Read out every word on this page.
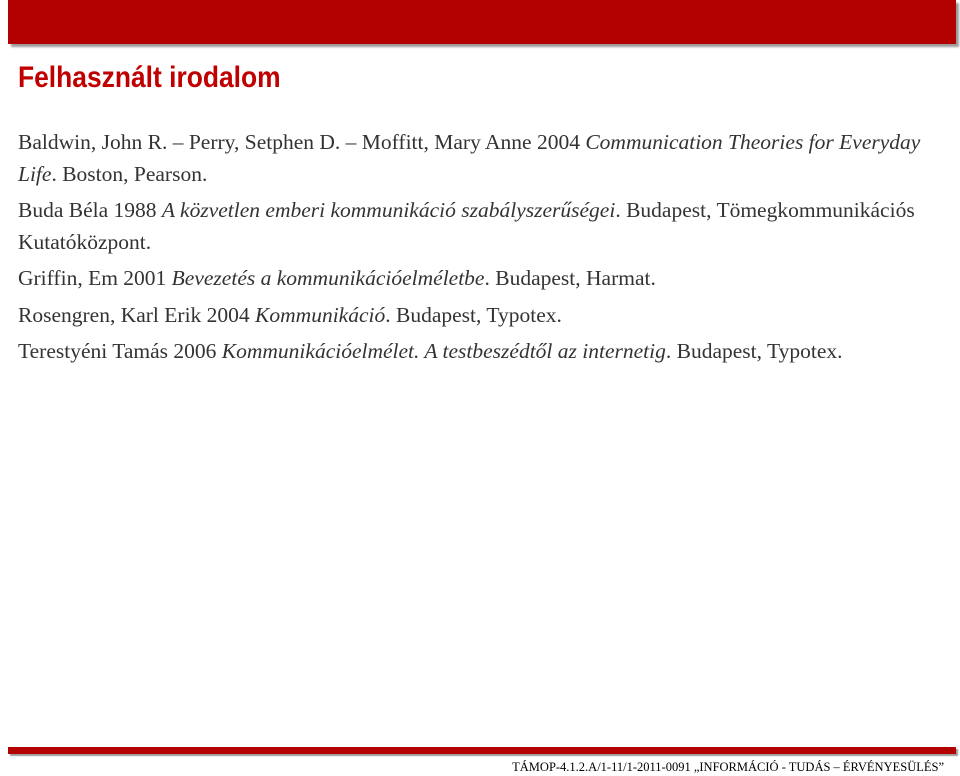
Felhasznált irodalom

Baldwin, John R. – Perry, Setphen D. – Moffitt, Mary Anne 2004 Communication Theories for Everyday Life. Boston, Pearson.

Buda Béla 1988 A közvetlen emberi kommunikáció szabályszerűségei. Budapest, Tömegkommunikációs Kutatóközpont.

Griffin, Em 2001 Bevezetés a kommunikációelméletbe. Budapest, Harmat.

Rosengren, Karl Erik 2004 Kommunikáció. Budapest, Typotex.

Terestyéni Tamás 2006 Kommunikációelmélet. A testbeszédtől az internetig. Budapest, Typotex.

TÁMOP-4.1.2.A/1-11/1-2011-0091 „INFORMÁCIÓ - TUDÁS – ÉRVÉNYESÜLÉS”
